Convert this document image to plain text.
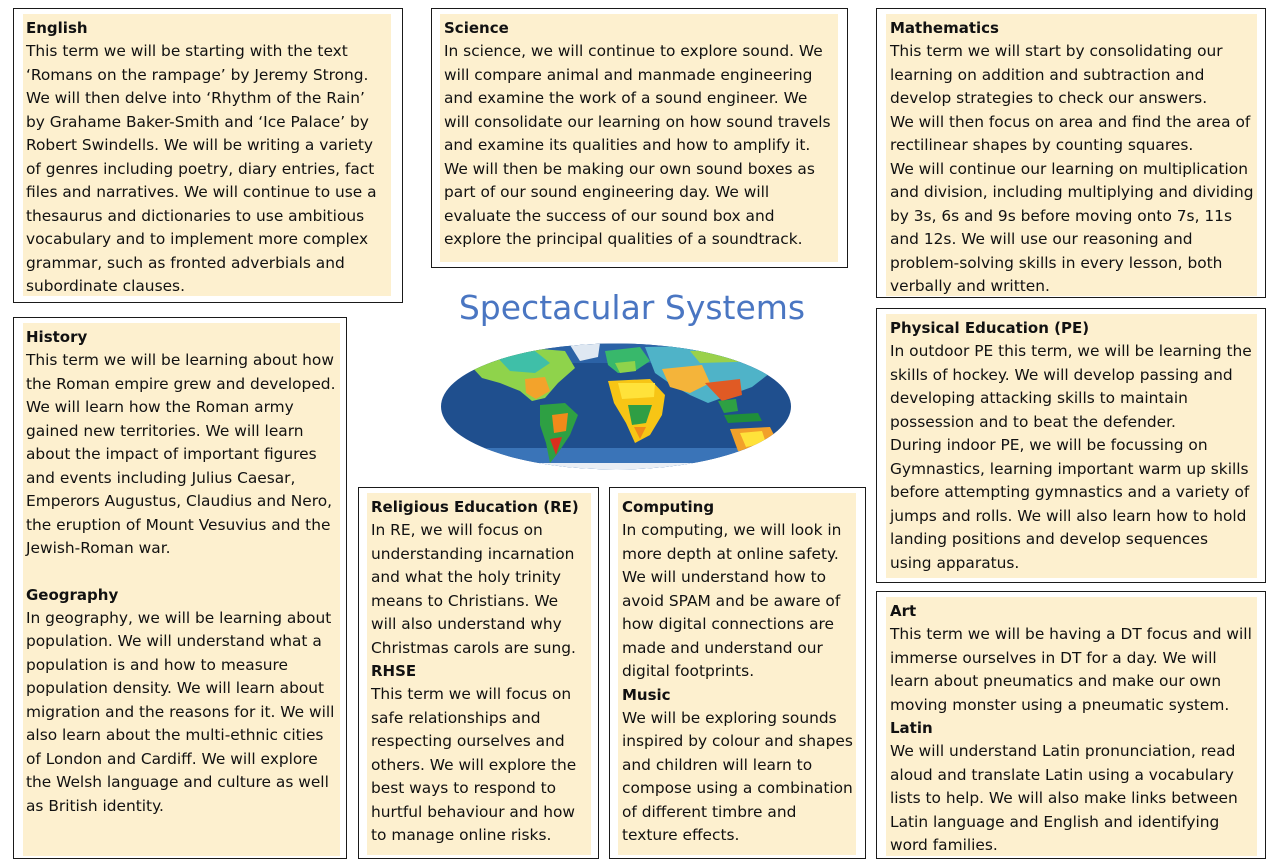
English
This term we will be starting with the text ‘Romans on the rampage’ by Jeremy Strong. We will then delve into ‘Rhythm of the Rain’ by Grahame Baker-Smith and ‘Ice Palace’ by Robert Swindells. We will be writing a variety of genres including poetry, diary entries, fact files and narratives. We will continue to use a thesaurus and dictionaries to use ambitious vocabulary and to implement more complex grammar, such as fronted adverbials and subordinate clauses.
Science
In science, we will continue to explore sound. We will compare animal and manmade engineering and examine the work of a sound engineer. We will consolidate our learning on how sound travels and examine its qualities and how to amplify it. We will then be making our own sound boxes as part of our sound engineering day. We will evaluate the success of our sound box and explore the principal qualities of a soundtrack.
Mathematics
This term we will start by consolidating our learning on addition and subtraction and develop strategies to check our answers.
We will then focus on area and find the area of rectilinear shapes by counting squares.
We will continue our learning on multiplication and division, including multiplying and dividing by 3s, 6s and 9s before moving onto 7s, 11s and 12s. We will use our reasoning and problem-solving skills in every lesson, both verbally and written.
Spectacular Systems
History
This term we will be learning about how the Roman empire grew and developed. We will learn how the Roman army gained new territories. We will learn about the impact of important figures and events including Julius Caesar, Emperors Augustus, Claudius and Nero, the eruption of Mount Vesuvius and the Jewish-Roman war.
Geography
In geography, we will be learning about population. We will understand what a population is and how to measure population density. We will learn about migration and the reasons for it. We will also learn about the multi-ethnic cities of London and Cardiff. We will explore the Welsh language and culture as well as British identity.
Religious Education (RE)
In RE, we will focus on understanding incarnation and what the holy trinity means to Christians. We will also understand why Christmas carols are sung.
RHSE
This term we will focus on safe relationships and respecting ourselves and others. We will explore the best ways to respond to hurtful behaviour and how to manage online risks.
Computing
In computing, we will look in more depth at online safety. We will understand how to avoid SPAM and be aware of how digital connections are made and understand our digital footprints.
Music
We will be exploring sounds inspired by colour and shapes and children will learn to compose using a combination of different timbre and texture effects.
Physical Education (PE)
In outdoor PE this term, we will be learning the skills of hockey. We will develop passing and developing attacking skills to maintain possession and to beat the defender.
During indoor PE, we will be focussing on Gymnastics, learning important warm up skills before attempting gymnastics and a variety of jumps and rolls. We will also learn how to hold landing positions and develop sequences using apparatus.
Art
This term we will be having a DT focus and will immerse ourselves in DT for a day. We will learn about pneumatics and make our own moving monster using a pneumatic system.
Latin
We will understand Latin pronunciation, read aloud and translate Latin using a vocabulary lists to help. We will also make links between Latin language and English and identifying word families.
